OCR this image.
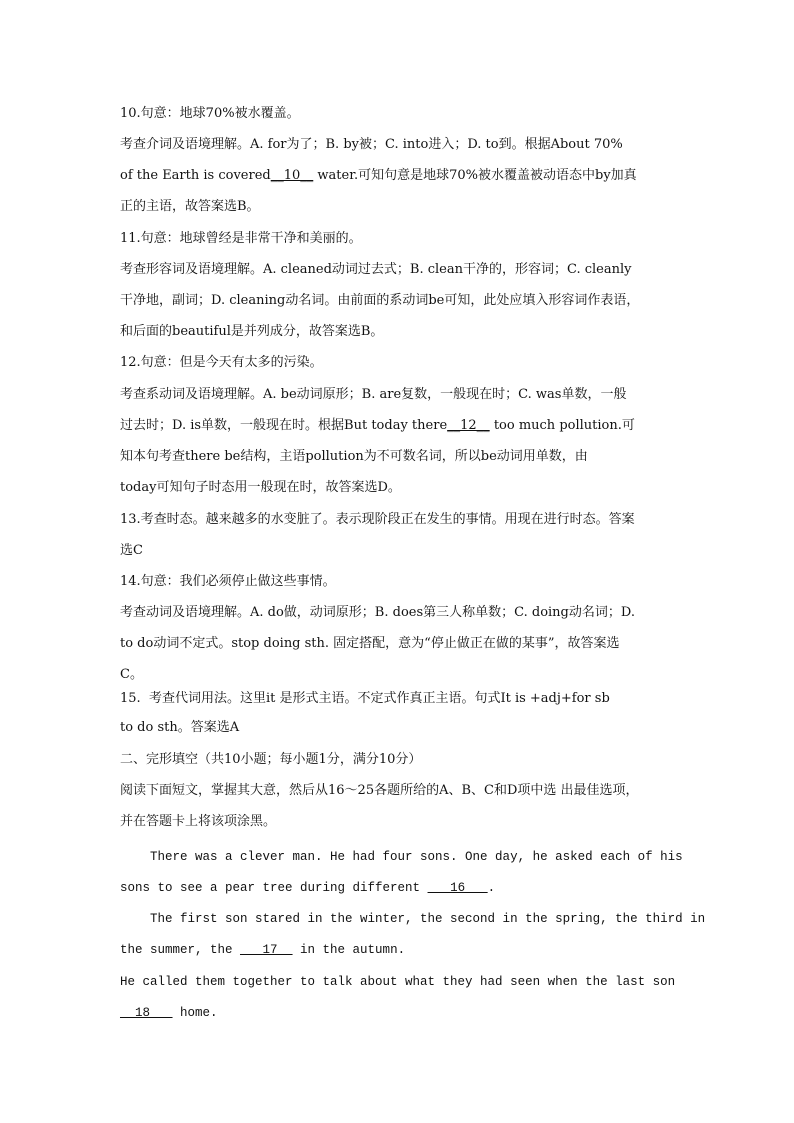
10.句意：地球70%被水覆盖。
考查介词及语境理解。A. for为了；B. by被；C. into进入；D. to到。根据About 70%
of the Earth is covered__10__ water.可知句意是地球70%被水覆盖被动语态中by加真
正的主语，故答案选B。
11.句意：地球曾经是非常干净和美丽的。
考查形容词及语境理解。A. cleaned动词过去式；B. clean干净的，形容词；C. cleanly
干净地，副词；D. cleaning动名词。由前面的系动词be可知，此处应填入形容词作表语，
和后面的beautiful是并列成分，故答案选B。
12.句意：但是今天有太多的污染。
考查系动词及语境理解。A. be动词原形；B. are复数，一般现在时；C. was单数，一般
过去时；D. is单数，一般现在时。根据But today there__12__ too much pollution.可
知本句考查there be结构，主语pollution为不可数名词，所以be动词用单数，由
today可知句子时态用一般现在时，故答案选D。
13.考查时态。越来越多的水变脏了。表示现阶段正在发生的事情。用现在进行时态。答案
选C
14.句意：我们必须停止做这些事情。
考查动词及语境理解。A. do做，动词原形；B. does第三人称单数；C. doing动名词；D.
to do动词不定式。stop doing sth. 固定搭配，意为“停止做正在做的某事”，故答案选
C。
15.  考查代词用法。这里it 是形式主语。不定式作真正主语。句式It is +adj+for sb
to do sth。答案选A
二、完形填空（共10小题；每小题1分，满分10分）
阅读下面短文，掌握其大意，然后从16～25各题所给的A、B、C和D项中选 出最佳选项，
并在答题卡上将该项涂黑。
There was a clever man. He had four sons. One day, he asked each of his
sons to see a pear tree during different ___16___.
The first son stared in the winter, the second in the spring, the third in
the summer, the ___17__ in the autumn.
He called them together to talk about what they had seen when the last son
__18___ home.
